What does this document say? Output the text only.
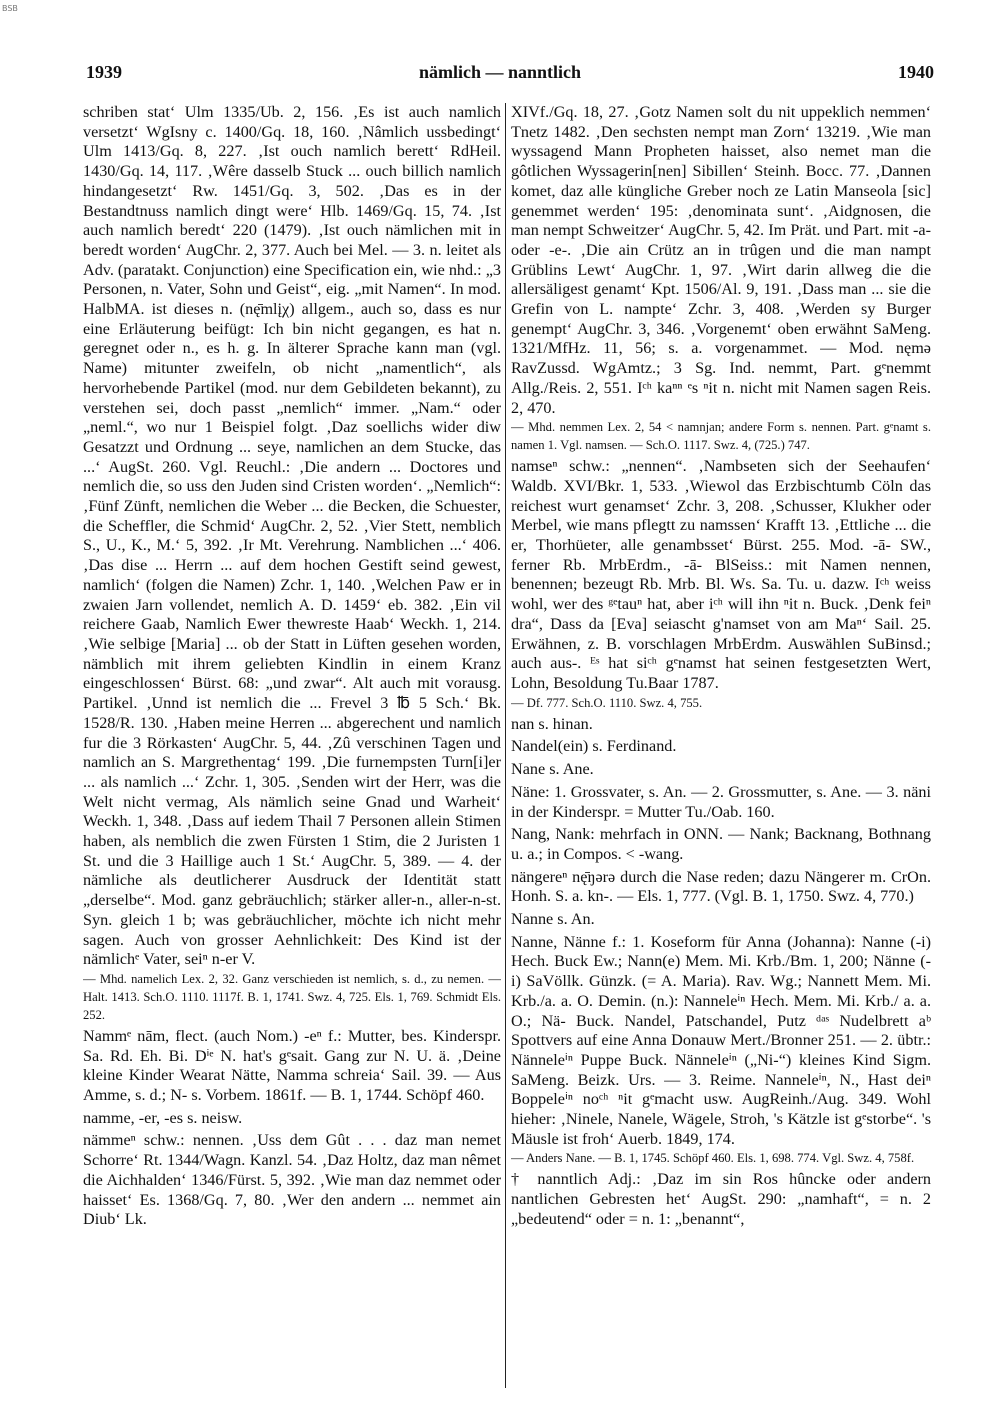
BSB
1939	nämlich — nanntlich	1940

schriben stat‘ Ulm 1335/Ub. 2, 156. ‚Es ist auch namlich versetzt‘ WgIsny c. 1400/Gq. 18, 160. ‚Nâmlich ussbedingt‘ Ulm 1413/Gq. 8, 227. ‚Ist ouch namlich berett‘ RdHeil. 1430/Gq. 14, 117. ‚Wêre dasselb Stuck ... ouch billich namlich hindangesetzt‘ Rw. 1451/Gq. 3, 502. ‚Das es in der Bestandtnuss namlich dingt were‘ Hlb. 1469/Gq. 15, 74. ‚Ist auch namlich beredt‘ 220 (1479). ‚Ist ouch nämlichen mit in beredt worden‘ AugChr. 2, 377. Auch bei Mel. — 3. n. leitet als Adv. (paratakt. Conjunction) eine Specification ein, wie nhd.: „3 Personen, n. Vater, Sohn und Geist“, eig. „mit Namen“. In mod. HalbMA. ist dieses n. (nę̄mlįχ) allgem., auch so, dass es nur eine Erläuterung beifügt: Ich bin nicht gegangen, es hat n. geregnet oder n., es h. g. In älterer Sprache kann man (vgl. Name) mitunter zweifeln, ob nicht „namentlich“, als hervorhebende Partikel (mod. nur dem Gebildeten bekannt), zu verstehen sei, doch passt „nemlich“ immer. „Nam.“ oder „neml.“, wo nur 1 Beispiel folgt. ‚Daz soellichs wider diw Gesatzzt und Ordnung ... seye, namlichen an dem Stucke, das ...‘ AugSt. 260. Vgl. Reuchl.: ‚Die andern ... Doctores und nemlich die, so uss den Juden sind Cristen worden‘. „Nemlich“: ‚Fünf Zünft, nemlichen die Weber ... die Becken, die Schuester, die Scheffler, die Schmid‘ AugChr. 2, 52. ‚Vier Stett, nemblich S., U., K., M.‘ 5, 392. ‚Ir Mt. Verehrung. Namblichen ...‘ 406. ‚Das dise ... Herrn ... auf dem hochen Gestift seind gewest, namlich‘ (folgen die Namen) Zchr. 1, 140. ‚Welchen Paw er in zwaien Jarn vollendet, nemlich A. D. 1459‘ eb. 382. ‚Ein vil reichere Gaab, Namlich Ewer thewreste Haab‘ Weckh. 1, 214. ‚Wie selbige [Maria] ... ob der Statt in Lüften gesehen worden, nämblich mit ihrem geliebten Kindlin in einem Kranz eingeschlossen‘ Bürst. 68: „und zwar“. Alt auch mit vorausg. Partikel. ‚Unnd ist nemlich die ... Frevel 3 ℔ 5 Sch.‘ Bk. 1528/R. 130. ‚Haben meine Herren ... abgerechent und namlich fur die 3 Rörkasten‘ AugChr. 5, 44. ‚Zû verschinen Tagen und namlich an S. Margrethentag‘ 199. ‚Die furnempsten Turn[i]er ... als namlich ...‘ Zchr. 1, 305. ‚Senden wirt der Herr, was die Welt nicht vermag, Als nämlich seine Gnad und Warheit‘ Weckh. 1, 348. ‚Dass auf iedem Thail 7 Personen allein Stimen haben, als nemblich die zwen Fürsten 1 Stim, die 2 Juristen 1 St. und die 3 Haillige auch 1 St.‘ AugChr. 5, 389. — 4. der nämliche als deutlicherer Ausdruck der Identität statt „derselbe“. Mod. ganz gebräuchlich; stärker aller-n., aller-n-st. Syn. gleich 1 b; was gebräuchlicher, möchte ich nicht mehr sagen. Auch von grosser Aehnlichkeit: Des Kind ist der nämlichᵉ Vater, seiⁿ n-er V.

— Mhd. namelich Lex. 2, 32. Ganz verschieden ist nemlich, s. d., zu nemen. — Halt. 1413. Sch.O. 1110. 1117f. B. 1, 1741. Swz. 4, 725. Els. 1, 769. Schmidt Els. 252.

Nammᵉ nām, flect. (auch Nom.) -eⁿ f.: Mutter, bes. Kinderspr. Sa. Rd. Eh. Bi. Dⁱᵉ N. hat's gᵉsait. Gang zur N. U. ä. ‚Deine kleine Kinder Wearat Nätte, Namma schreia‘ Sail. 39. — Aus Amme, s. d.; N- s. Vorbem. 1861f. — B. 1, 1744. Schöpf 460.

namme, -er, -es s. neisw.

nämmeⁿ schw.: nennen. ‚Uss dem Gût . . . daz man nemet Schorre‘ Rt. 1344/Wagn. Kanzl. 54. ‚Daz Holtz, daz man nêmet die Aichhalden‘ 1346/Fürst. 5, 392. ‚Wie man daz nemmet oder haisset‘ Es. 1368/Gq. 7, 80. ‚Wer den andern ... nemmet ain Diub‘ Lk.

XIVf./Gq. 18, 27. ‚Gotz Namen solt du nit uppeklich nemmen‘ Tnetz 1482. ‚Den sechsten nempt man Zorn‘ 13219. ‚Wie man wyssagend Mann Propheten haisset, also nemet man die gôtlichen Wyssagerin[nen] Sibillen‘ Steinh. Bocc. 77. ‚Dannen komet, daz alle küngliche Greber noch ze Latin Manseola [sic] genemmet werden‘ 195: ‚denominata sunt‘. ‚Aidgnosen, die man nempt Schweitzer‘ AugChr. 5, 42. Im Prät. und Part. mit -a- oder -e-. ‚Die ain Crütz an in trûgen und die man nampt Grüblins Lewt‘ AugChr. 1, 97. ‚Wirt darin allweg die die allersäligest genamt‘ Kpt. 1506/Al. 9, 191. ‚Dass man ... sie die Grefin von L. nampte‘ Zchr. 3, 408. ‚Werden sy Burger genempt‘ AugChr. 3, 346. ‚Vorgenemt‘ oben erwähnt SaMeng. 1321/MfHz. 11, 56; s. a. vorgenammet. — Mod. nęmə RavZussd. WgAmtz.; 3 Sg. Ind. nemmt, Part. gᵉnemmt Allg./Reis. 2, 551. Iᶜʰ kaⁿⁿ ᵉs ⁿit n. nicht mit Namen sagen Reis. 2, 470.

— Mhd. nemmen Lex. 2, 54 < namnjan; andere Form s. nennen. Part. gᵉnamt s. namen 1. Vgl. namsen. — Sch.O. 1117. Swz. 4, (725.) 747.

namseⁿ schw.: „nennen“. ‚Nambseten sich der Seehaufen‘ Waldb. XVI/Bkr. 1, 533. ‚Wiewol das Erzbischtumb Cöln das reichest wurt genamset‘ Zchr. 3, 208. ‚Schusser, Klukher oder Merbel, wie mans pflegtt zu namssen‘ Krafft 13. ‚Ettliche ... die er, Thorhüeter, alle genambsset‘ Bürst. 255. Mod. -ā- SW., ferner Rb. MrbErdm., -ā- BlSeiss.: mit Namen nennen, benennen; bezeugt Rb. Mrb. Bl. Ws. Sa. Tu. u. dazw. Iᶜʰ weiss wohl, wer des ᵍᵉtauⁿ hat, aber iᶜʰ will ihn ⁿit n. Buck. ‚Denk feiⁿ dra“, Dass da [Eva] seiascht g'namset von am Maⁿ‘ Sail. 25. Erwähnen, z. B. vorschlagen MrbErdm. Auswählen SuBinsd.; auch aus-. ᴱˢ hat siᶜʰ gᵉnamst hat seinen festgesetzten Wert, Lohn, Besoldung Tu.Baar 1787.

— Df. 777. Sch.O. 1110. Swz. 4, 755.

nan s. hinan.

Nandel(ein) s. Ferdinand.

Nane s. Ane.

Näne: 1. Grossvater, s. An. — 2. Grossmutter, s. Ane. — 3. näni in der Kinderspr. = Mutter Tu./Oab. 160.

Nang, Nank: mehrfach in ONN. — Nank; Backnang, Bothnang u. a.; in Compos. < -wang.

nängereⁿ nę̄ŋərə durch die Nase reden; dazu Nängerer m. CrOn. Honh. S. a. kn-. — Els. 1, 777. (Vgl. B. 1, 1750. Swz. 4, 770.)

Nanne s. An.

Nanne, Nänne f.: 1. Koseform für Anna (Johanna): Nanne (-i) Hech. Buck Ew.; Nann(e) Mem. Mi. Krb./Bm. 1, 200; Nänne (-i) SaVöllk. Günzk. (= A. Maria). Rav. Wg.; Nannett Mem. Mi. Krb./a. a. O. Demin. (n.): Nanneleⁱⁿ Hech. Mem. Mi. Krb./ a. a. O.; Nä- Buck. Nandel, Patschandel, Putz ᵈᵃˢ Nudelbrett aᵇ Spottvers auf eine Anna Donauw Mert./Bronner 251. — 2. übtr.: Nänneleⁱⁿ Puppe Buck. Nänneleⁱⁿ („Ni-“) kleines Kind Sigm. SaMeng. Beizk. Urs. — 3. Reime. Nanneleⁱⁿ, N., Hast deiⁿ Boppeleⁱⁿ noᶜʰ ⁿit gᵉmacht usw. AugReinh./Aug. 349. Wohl hieher: ‚Ninele, Nanele, Wägele, Stroh, 's Kätzle ist gᵉstorbe“. 's Mäusle ist froh‘ Auerb. 1849, 174.

— Anders Nane. — B. 1, 1745. Schöpf 460. Els. 1, 698. 774. Vgl. Swz. 4, 758f.

† nanntlich Adj.: ‚Daz im sin Ros hûncke oder andern nantlichen Gebresten het‘ AugSt. 290: „namhaft“, = n. 2 „bedeutend“ oder = n. 1: „benannt“,
